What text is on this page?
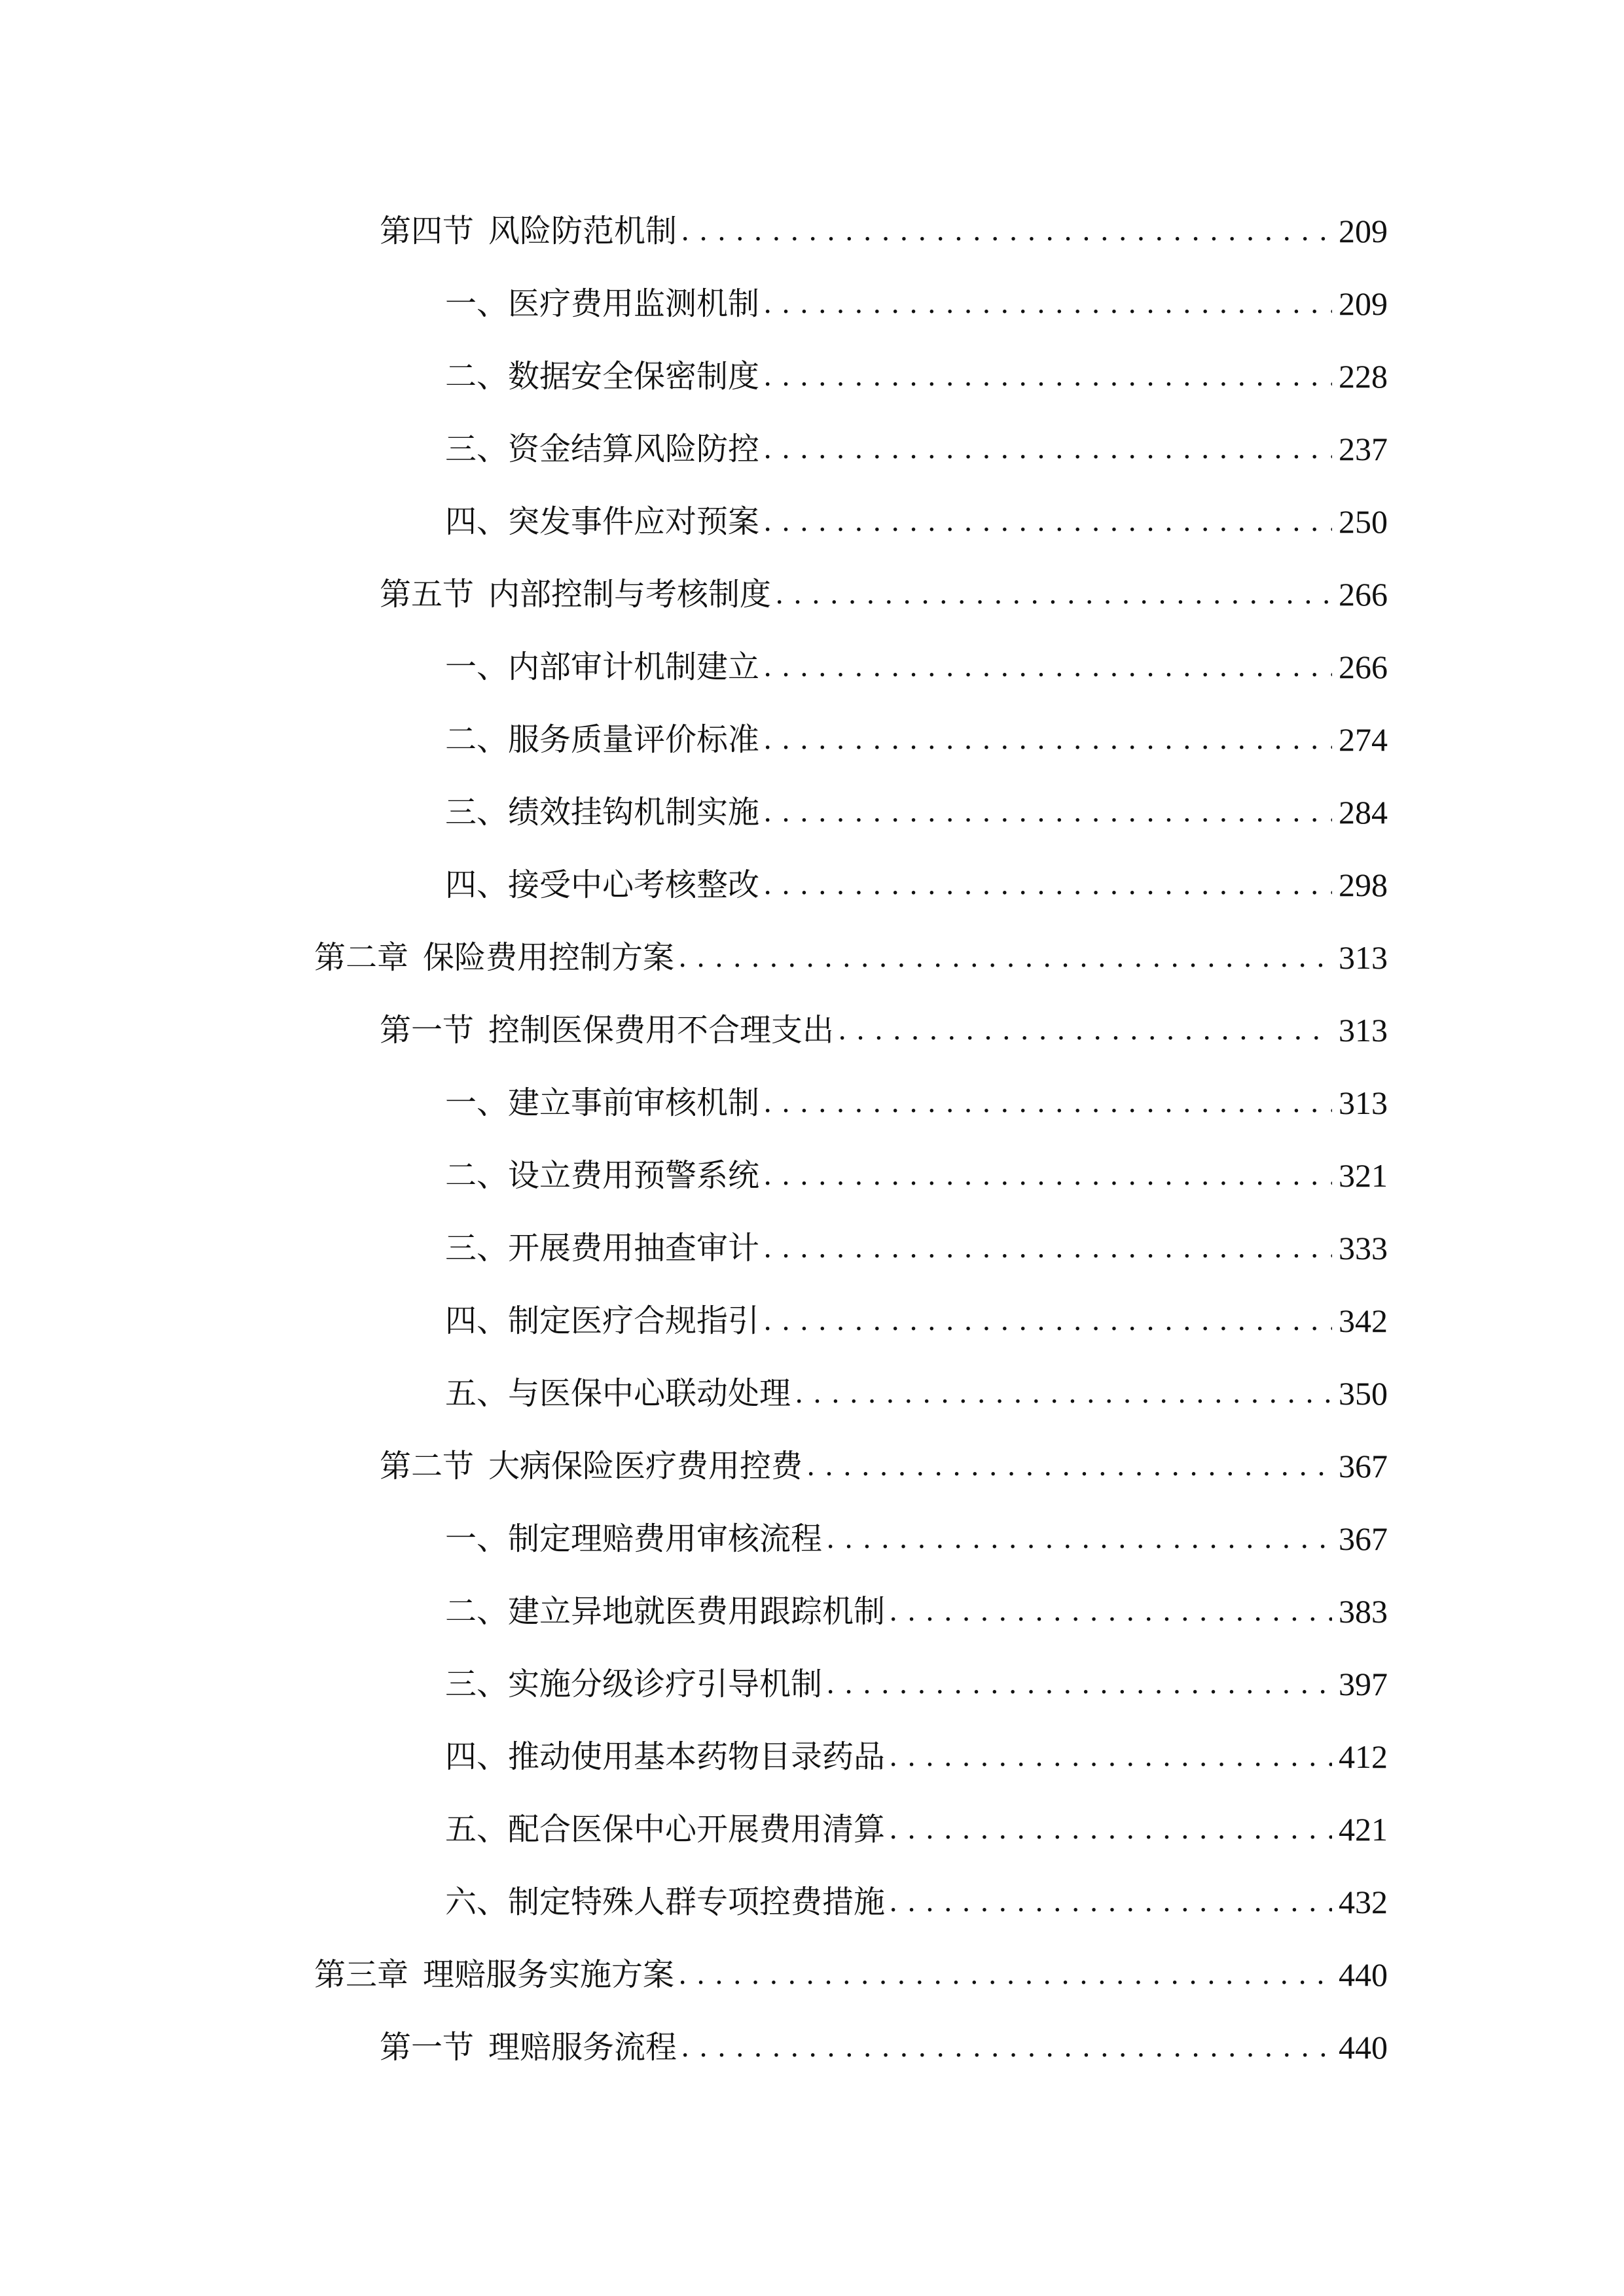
第四节 风险防范机制 .....	209
一、 医疗费用监测机制 .....	209
二、 数据安全保密制度 .....	228
三、 资金结算风险防控 .....	237
四、 突发事件应对预案 .....	250
第五节 内部控制与考核制度 .....	266
一、 内部审计机制建立 .....	266
二、 服务质量评价标准 .....	274
三、 绩效挂钩机制实施 .....	284
四、 接受中心考核整改 .....	298
第二章 保险费用控制方案 .....	313
第一节 控制医保费用不合理支出 .....	313
一、 建立事前审核机制 .....	313
二、 设立费用预警系统 .....	321
三、 开展费用抽查审计 .....	333
四、 制定医疗合规指引 .....	342
五、 与医保中心联动处理 .....	350
第二节 大病保险医疗费用控费 .....	367
一、 制定理赔费用审核流程 .....	367
二、 建立异地就医费用跟踪机制 .....	383
三、 实施分级诊疗引导机制 .....	397
四、 推动使用基本药物目录药品 .....	412
五、 配合医保中心开展费用清算 .....	421
六、 制定特殊人群专项控费措施 .....	432
第三章 理赔服务实施方案 .....	440
第一节 理赔服务流程 .....	440
